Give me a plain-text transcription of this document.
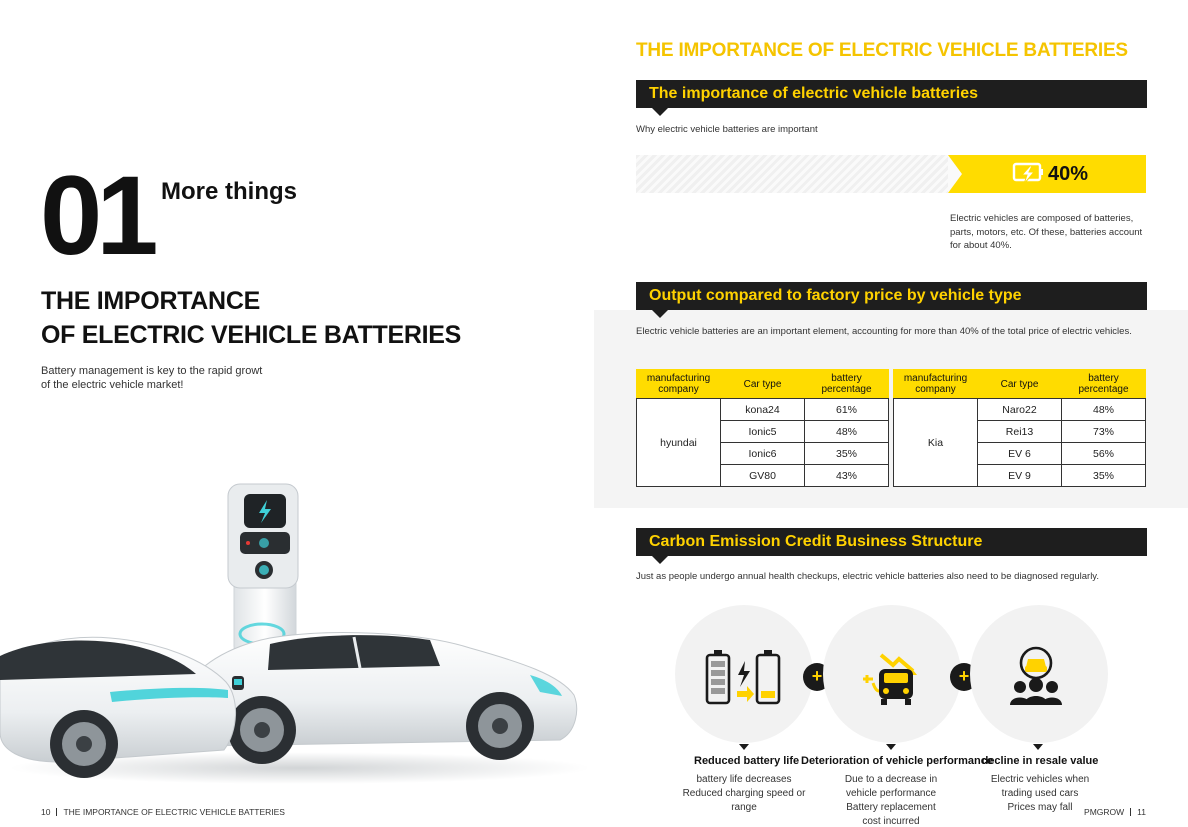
01 More things
THE IMPORTANCE
OF ELECTRIC VEHICLE BATTERIES
Battery management is key to the rapid growt
of the electric vehicle market!
10 THE IMPORTANCE OF ELECTRIC VEHICLE BATTERIES
THE IMPORTANCE OF ELECTRIC VEHICLE BATTERIES
The importance of electric vehicle batteries
Why electric vehicle batteries are important
40%
Electric vehicles are composed of batteries,
parts, motors, etc. Of these, batteries account
for about 40%.
Output compared to factory price by vehicle type
Electric vehicle batteries are an important element, accounting for more than 40% of the total price of electric vehicles.
manufacturing company	Car type	battery percentage
hyundai	kona24	61%
	Ionic5	48%
	Ionic6	35%
	GV80	43%
manufacturing company	Car type	battery percentage
Kia	Naro22	48%
	Rei13	73%
	EV 6	56%
	EV 9	35%
Carbon Emission Credit Business Structure
Just as people undergo annual health checkups, electric vehicle batteries also need to be diagnosed regularly.
+	+
Reduced battery life
battery life decreases
Reduced charging speed or
range
Deterioration of vehicle performance
Due to a decrease in
vehicle performance
Battery replacement
cost incurred
decline in resale value
Electric vehicles when
trading used cars
Prices may fall	PMGROW 11
